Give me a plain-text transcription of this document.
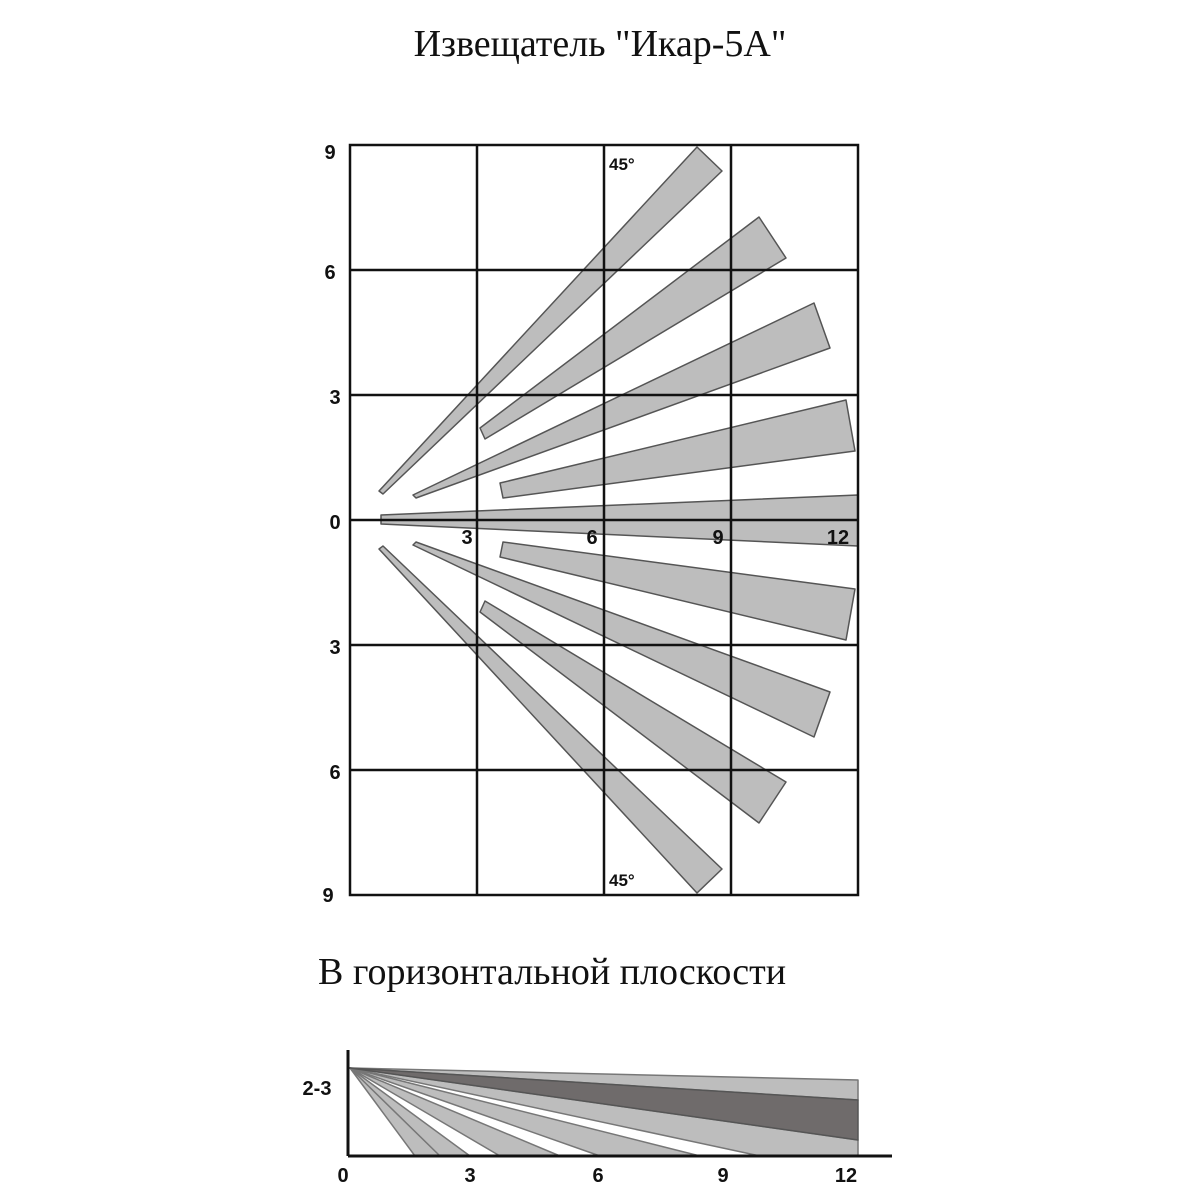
Извещатель "Икар-5А"
9
6
3
0
3
6
9
3	6	9	12
45°
45°
2-3
0	3	6	9	12
В горизонтальной плоскости
